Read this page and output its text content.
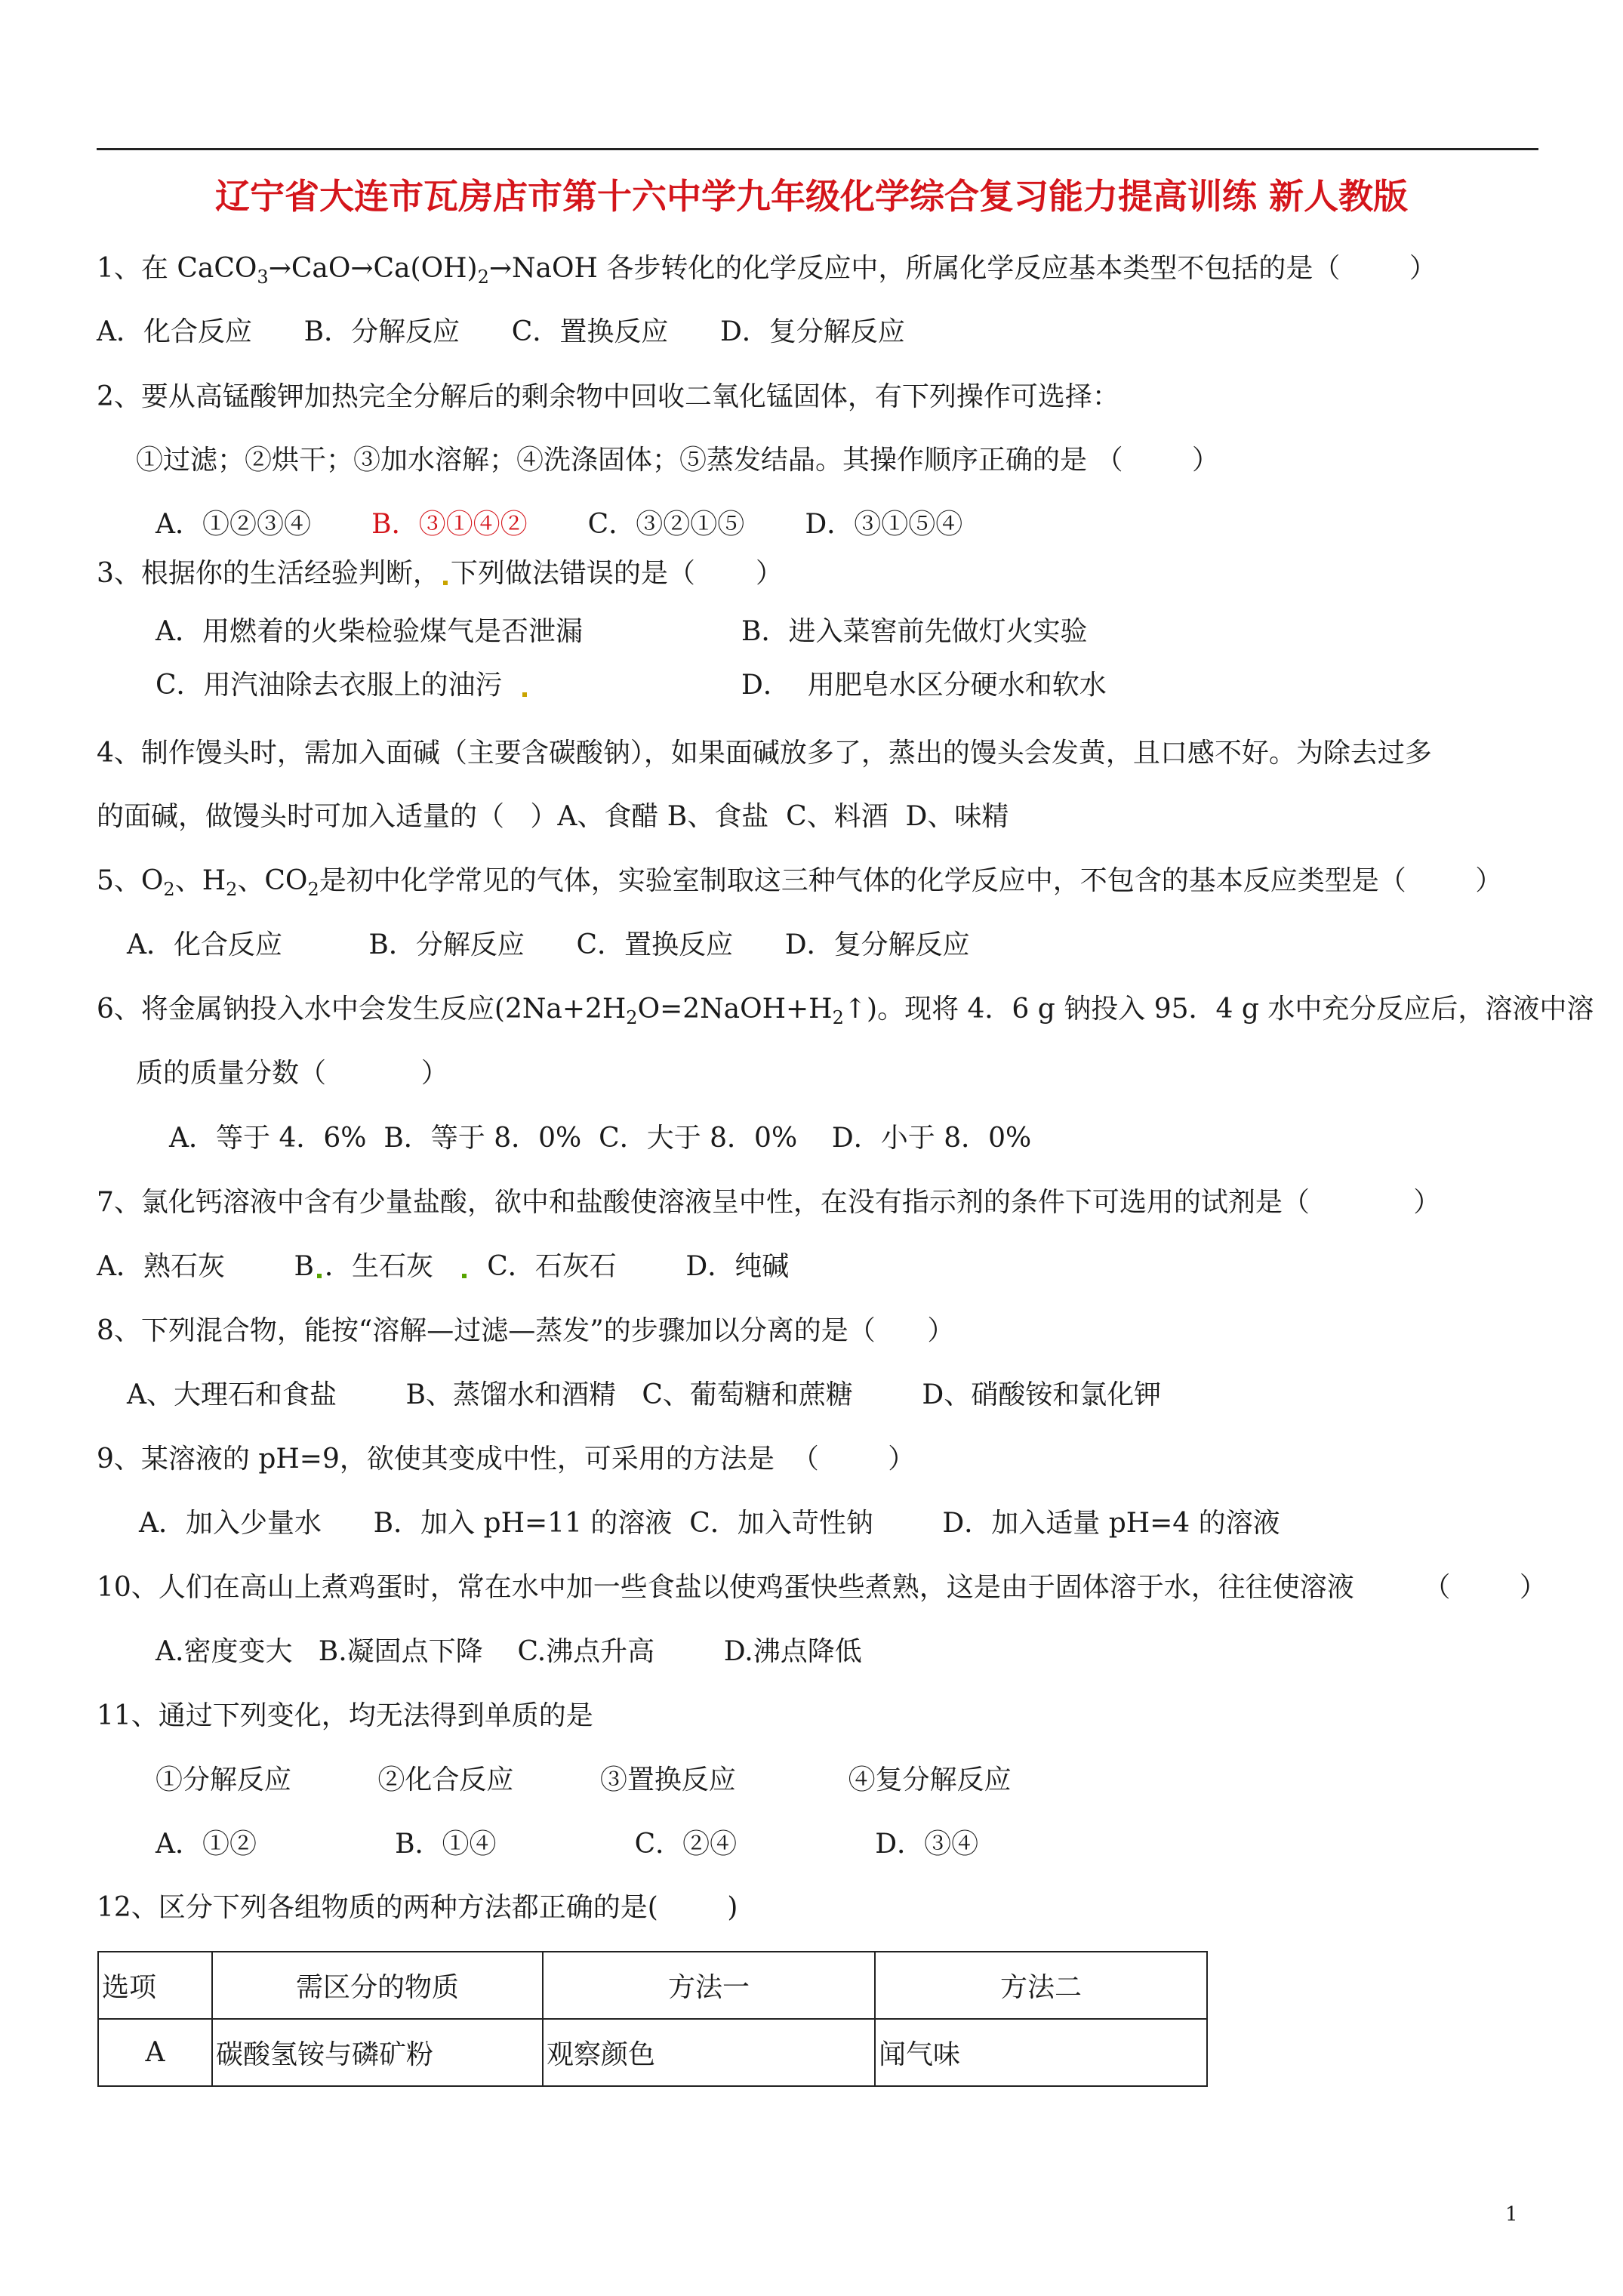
辽宁省大连市瓦房店市第十六中学九年级化学综合复习能力提高训练 新人教版
1、在 $CaCO_3\to CaO\to Ca(OH)_2\to NaOH$ 各步转化的化学反应中，所属化学反应基本类型不包括的是（        ）
A．化合反应      B．分解反应      C．置换反应      D．复分解反应
2、要从高锰酸钾加热完全分解后的剩余物中回收二氧化锰固体，有下列操作可选择：
①过滤；②烘干；③加水溶解；④洗涤固体；⑤蒸发结晶。其操作顺序正确的是 （        ）
A．①②③④       B．③①④②       C．③②①⑤       D．③①⑤④
3、根据你的生活经验判断， 下列做法错误的是（       ）
A．用燃着的火柴检验煤气是否泄漏	B．进入菜窖前先做灯火实验
C．用汽油除去衣服上的油污	D．  用肥皂水区分硬水和软水
4、制作馒头时，需加入面碱（主要含碳酸钠），如果面碱放多了，蒸出的馒头会发黄，且口感不好。为除去过多
的面碱，做馒头时可加入适量的（   ）A、食醋 B、食盐  C、料酒  D、味精
5、$O_2$、$H_2$、$CO_2$是初中化学常见的气体，实验室制取这三种气体的化学反应中，不包含的基本反应类型是（        ）
A．化合反应          B．分解反应      C．置换反应      D．复分解反应
6、将金属钠投入水中会发生反应$(2Na+2H_2O=2NaOH+H_2↑)$。现将 4．6 g 钠投入 95．4 g 水中充分反应后，溶液中溶
质的质量分数（           ）
A．等于 4．6%  B．等于 8．0%  C．大于 8．0%    D．小于 8．0%
7、氯化钙溶液中含有少量盐酸，欲中和盐酸使溶液呈中性，在没有指示剂的条件下可选用的试剂是（            ）
A．熟石灰        B ．生石灰     C．石灰石        D．纯碱
8、下列混合物，能按“溶解—过滤—蒸发”的步骤加以分离的是（      ）
A、大理石和食盐        B、蒸馏水和酒精   C、葡萄糖和蔗糖        D、硝酸铵和氯化钾
9、某溶液的 pH=9，欲使其变成中性，可采用的方法是  （        ）
A．加入少量水      B．加入 pH=11 的溶液  C．加入苛性钠        D．加入适量 pH=4 的溶液
10、人们在高山上煮鸡蛋时，常在水中加一些食盐以使鸡蛋快些煮熟，这是由于固体溶于水，往往使溶液        （        ）
A.密度变大   B.凝固点下降    C.沸点升高        D.沸点降低
11、通过下列变化，均无法得到单质的是
①分解反应          ②化合反应          ③置换反应             ④复分解反应
A．①②                B．①④                C．②④                D．③④
12、区分下列各组物质的两种方法都正确的是(        )
选项	需区分的物质	方法一	方法二
A	碳酸氢铵与磷矿粉	观察颜色	闻气味
1
